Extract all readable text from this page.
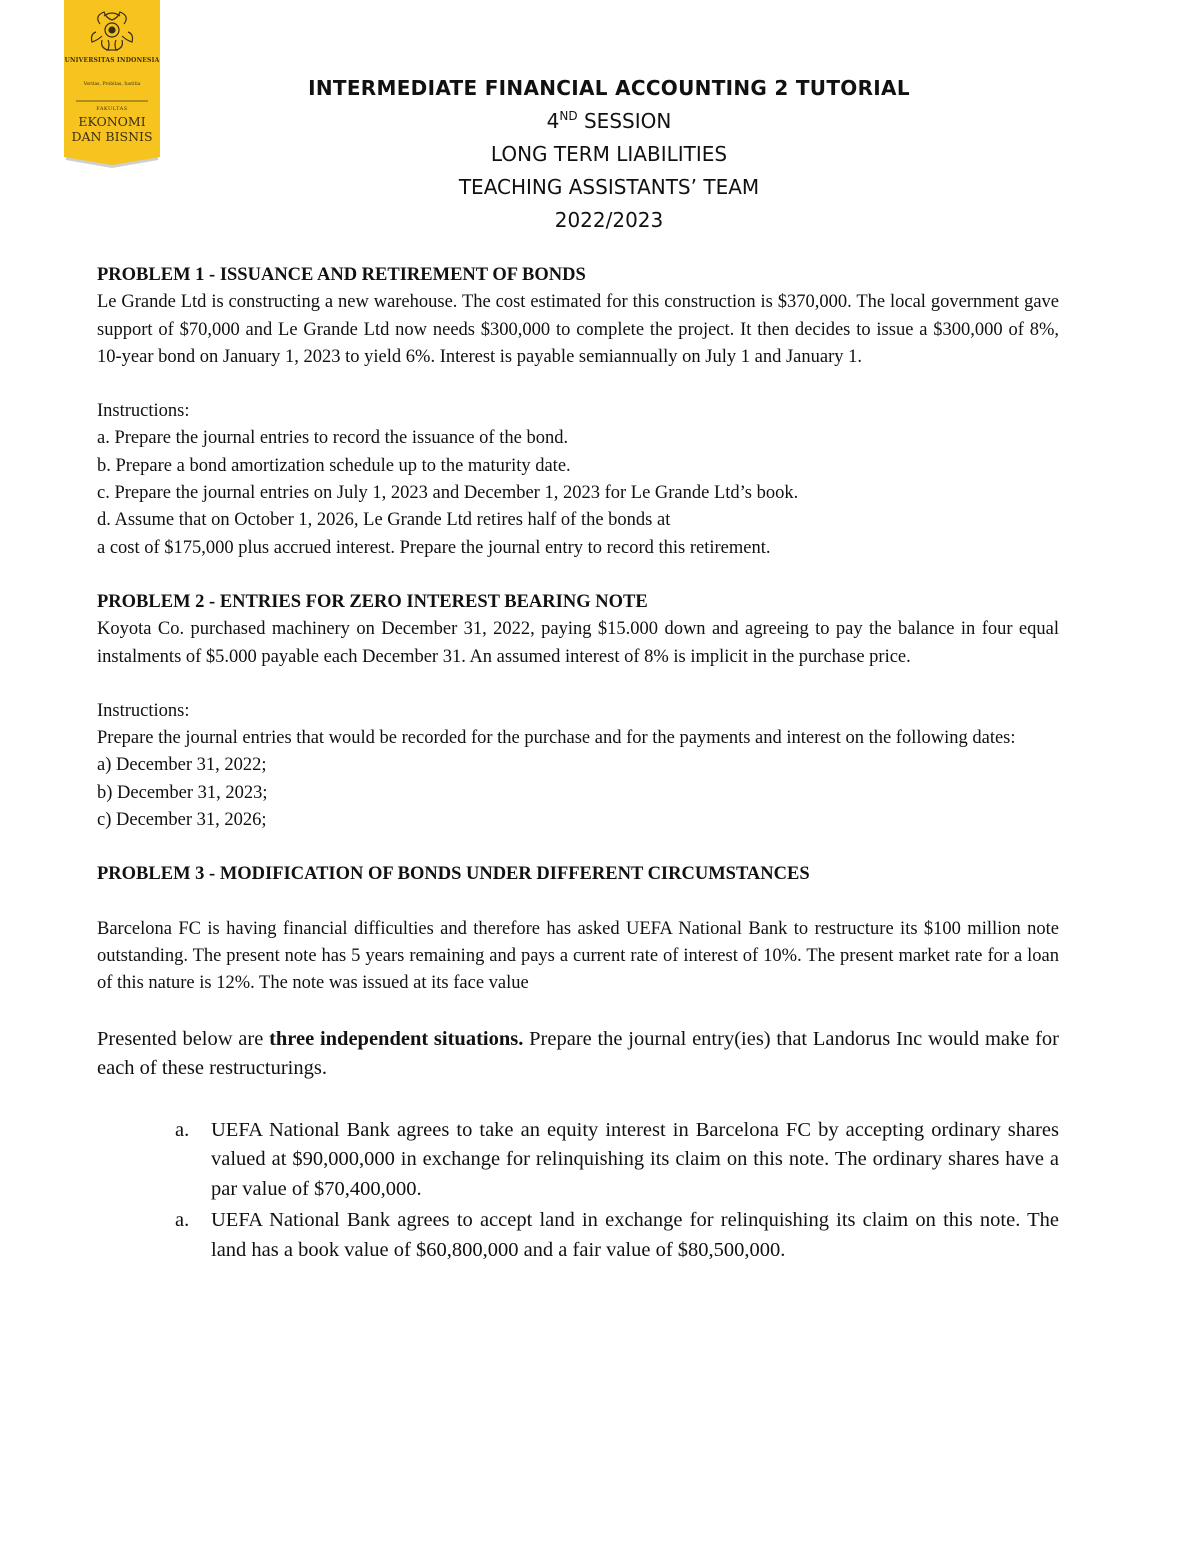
UNIVERSITAS INDONESIA
Veritas, Probitas, Iustitia
FAKULTAS
EKONOMI
DAN BISNIS
INTERMEDIATE FINANCIAL ACCOUNTING 2 TUTORIAL
4ND SESSION
LONG TERM LIABILITIES
TEACHING ASSISTANTS’ TEAM
2022/2023

PROBLEM 1 - ISSUANCE AND RETIREMENT OF BONDS

Le Grande Ltd is constructing a new warehouse. The cost estimated for this construction is $370,000. The local government gave support of $70,000 and Le Grande Ltd now needs $300,000 to complete the project. It then decides to issue a $300,000 of 8%, 10-year bond on January 1, 2023 to yield 6%. Interest is payable semiannually on July 1 and January 1.

Instructions:

a. Prepare the journal entries to record the issuance of the bond.

b. Prepare a bond amortization schedule up to the maturity date.

c. Prepare the journal entries on July 1, 2023 and December 1, 2023 for Le Grande Ltd’s book.

d. Assume that on October 1, 2026, Le Grande Ltd retires half of the bonds at

a cost of $175,000 plus accrued interest. Prepare the journal entry to record this retirement.

PROBLEM 2 - ENTRIES FOR ZERO INTEREST BEARING NOTE

Koyota Co. purchased machinery on December 31, 2022, paying $15.000 down and agreeing to pay the balance in four equal instalments of $5.000 payable each December 31. An assumed interest of 8% is implicit in the purchase price.

Instructions:

Prepare the journal entries that would be recorded for the purchase and for the payments and interest on the following dates:

a) December 31, 2022;

b) December 31, 2023;

c) December 31, 2026;

PROBLEM 3 - MODIFICATION OF BONDS UNDER DIFFERENT CIRCUMSTANCES

Barcelona FC is having financial difficulties and therefore has asked UEFA National Bank to restructure its $100 million note outstanding. The present note has 5 years remaining and pays a current rate of interest of 10%. The present market rate for a loan of this nature is 12%. The note was issued at its face value

Presented below are three independent situations. Prepare the journal entry(ies) that Landorus Inc would make for each of these restructurings.

a. UEFA National Bank agrees to take an equity interest in Barcelona FC by accepting ordinary shares valued at $90,000,000 in exchange for relinquishing its claim on this note. The ordinary shares have a par value of $70,400,000.
a. UEFA National Bank agrees to accept land in exchange for relinquishing its claim on this note. The land has a book value of $60,800,000 and a fair value of $80,500,000.
